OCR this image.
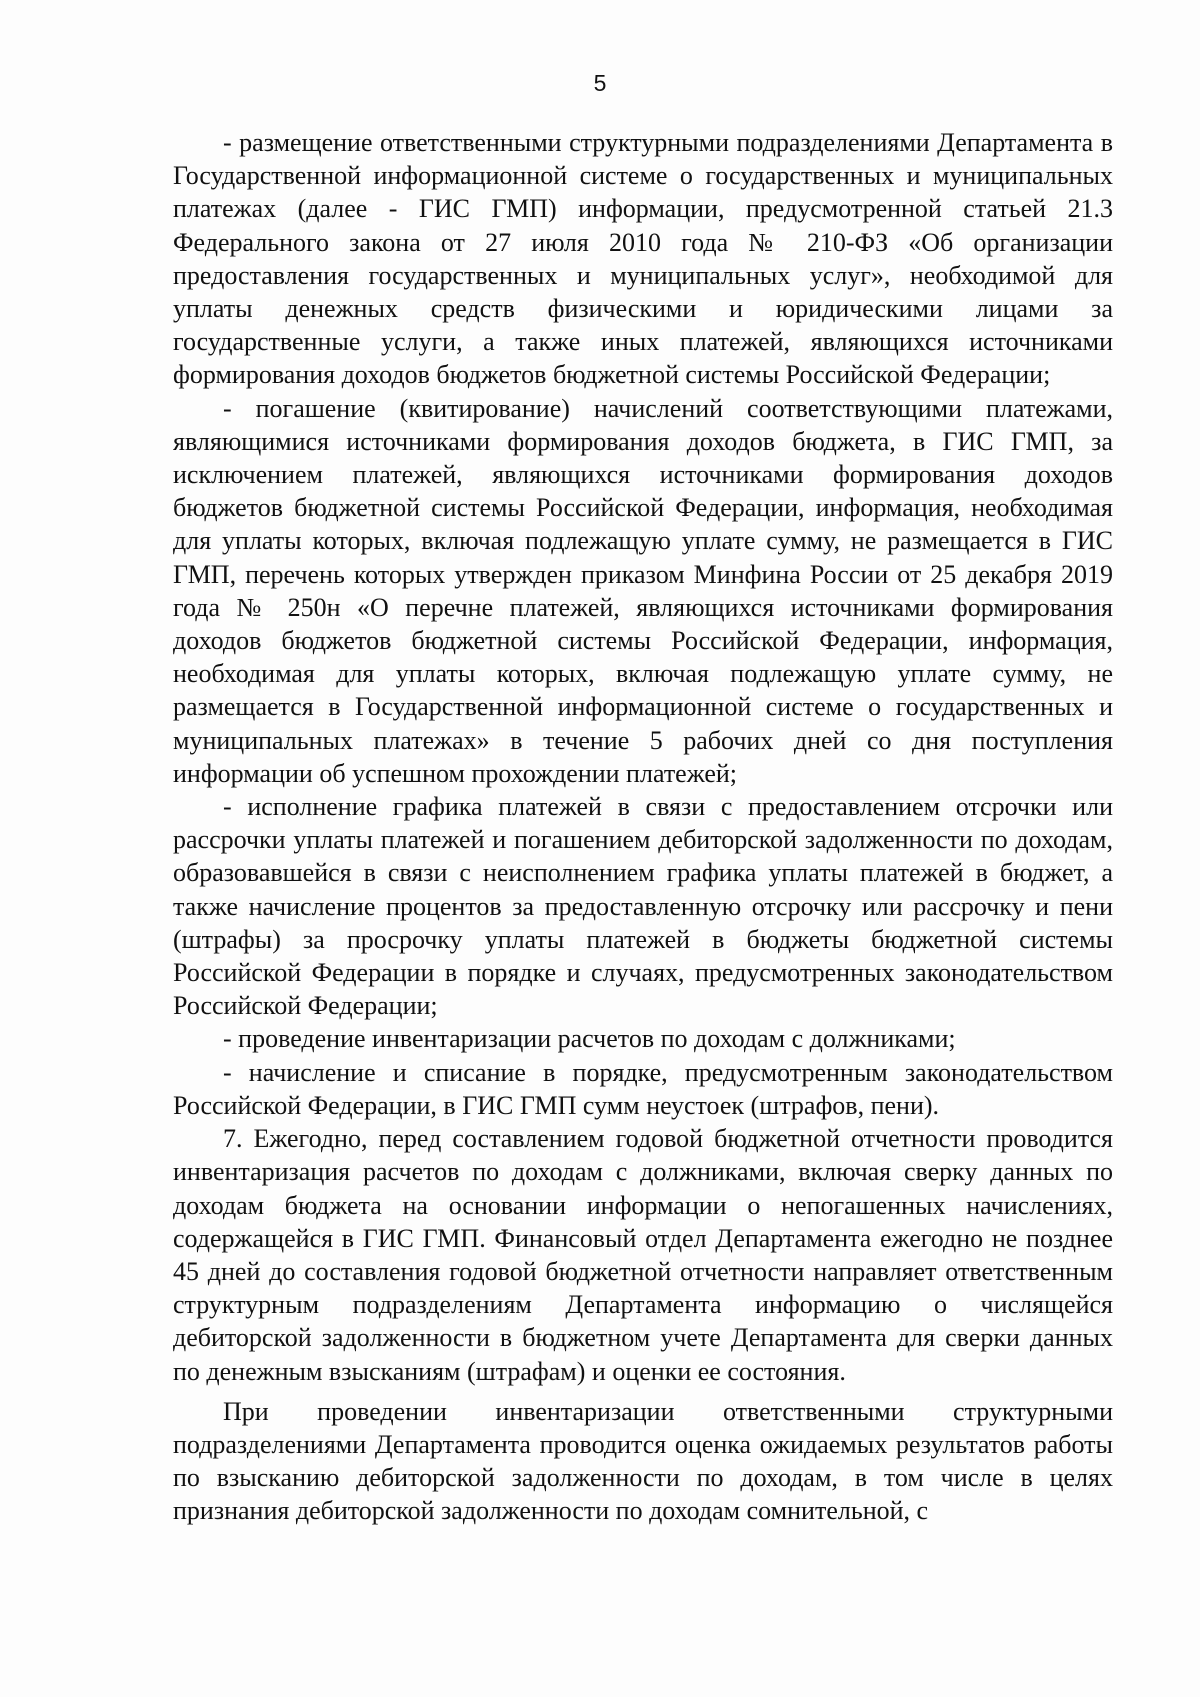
5

- размещение ответственными структурными подразделениями Департамента в Государственной информационной системе о государственных и муниципальных платежах (далее - ГИС ГМП) информации, предусмотренной статьей 21.3 Федерального закона от 27 июля 2010 года № 210-ФЗ «Об организации предоставления государственных и муниципальных услуг», необходимой для уплаты денежных средств физическими и юридическими лицами за государственные услуги, а также иных платежей, являющихся источниками формирования доходов бюджетов бюджетной системы Российской Федерации;

- погашение (квитирование) начислений соответствующими платежами, являющимися источниками формирования доходов бюджета, в ГИС ГМП, за исключением платежей, являющихся источниками формирования доходов бюджетов бюджетной системы Российской Федерации, информация, необходимая для уплаты которых, включая подлежащую уплате сумму, не размещается в ГИС ГМП, перечень которых утвержден приказом Минфина России от 25 декабря 2019 года № 250н «О перечне платежей, являющихся источниками формирования доходов бюджетов бюджетной системы Российской Федерации, информация, необходимая для уплаты которых, включая подлежащую уплате сумму, не размещается в Государственной информационной системе о государственных и муниципальных платежах» в течение 5 рабочих дней со дня поступления информации об успешном прохождении платежей;

- исполнение графика платежей в связи с предоставлением отсрочки или рассрочки уплаты платежей и погашением дебиторской задолженности по доходам, образовавшейся в связи с неисполнением графика уплаты платежей в бюджет, а также начисление процентов за предоставленную отсрочку или рассрочку и пени (штрафы) за просрочку уплаты платежей в бюджеты бюджетной системы Российской Федерации в порядке и случаях, предусмотренных законодательством Российской Федерации;

- проведение инвентаризации расчетов по доходам с должниками;

- начисление и списание в порядке, предусмотренным законодательством Российской Федерации, в ГИС ГМП сумм неустоек (штрафов, пени).

7. Ежегодно, перед составлением годовой бюджетной отчетности проводится инвентаризация расчетов по доходам с должниками, включая сверку данных по доходам бюджета на основании информации о непогашенных начислениях, содержащейся в ГИС ГМП. Финансовый отдел Департамента ежегодно не позднее 45 дней до составления годовой бюджетной отчетности направляет ответственным структурным подразделениям Департамента информацию о числящейся дебиторской задолженности в бюджетном учете Департамента для сверки данных по денежным взысканиям (штрафам) и оценки ее состояния.

При проведении инвентаризации ответственными структурными подразделениями Департамента проводится оценка ожидаемых результатов работы по взысканию дебиторской задолженности по доходам, в том числе в целях признания дебиторской задолженности по доходам сомнительной, с
